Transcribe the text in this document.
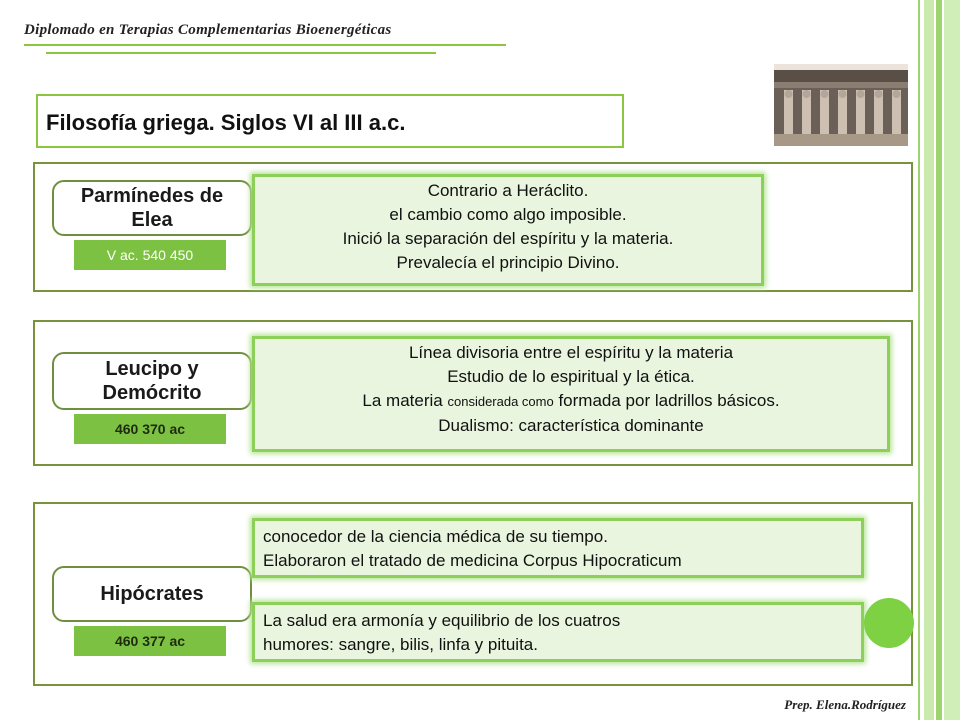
Diplomado en Terapias Complementarias Bioenergéticas
Filosofía griega. Siglos VI al III a.c.
Parmínedes de Elea
V ac. 540 450
Contrario a Heráclito.
el cambio como algo imposible.
Inició la separación del espíritu y la materia.
Prevalecía el principio Divino.
Leucipo y Demócrito
460 370 ac
Línea divisoria entre el espíritu y la materia
Estudio de lo espiritual y la ética.
La materia considerada como formada por ladrillos básicos.
Dualismo: característica dominante
Hipócrates
460 377 ac
conocedor de la ciencia médica de su tiempo.
Elaboraron el tratado de medicina Corpus Hipocraticum
La salud era armonía y equilibrio de los cuatros
humores: sangre, bilis, linfa y pituita.
Prep. Elena.Rodríguez
